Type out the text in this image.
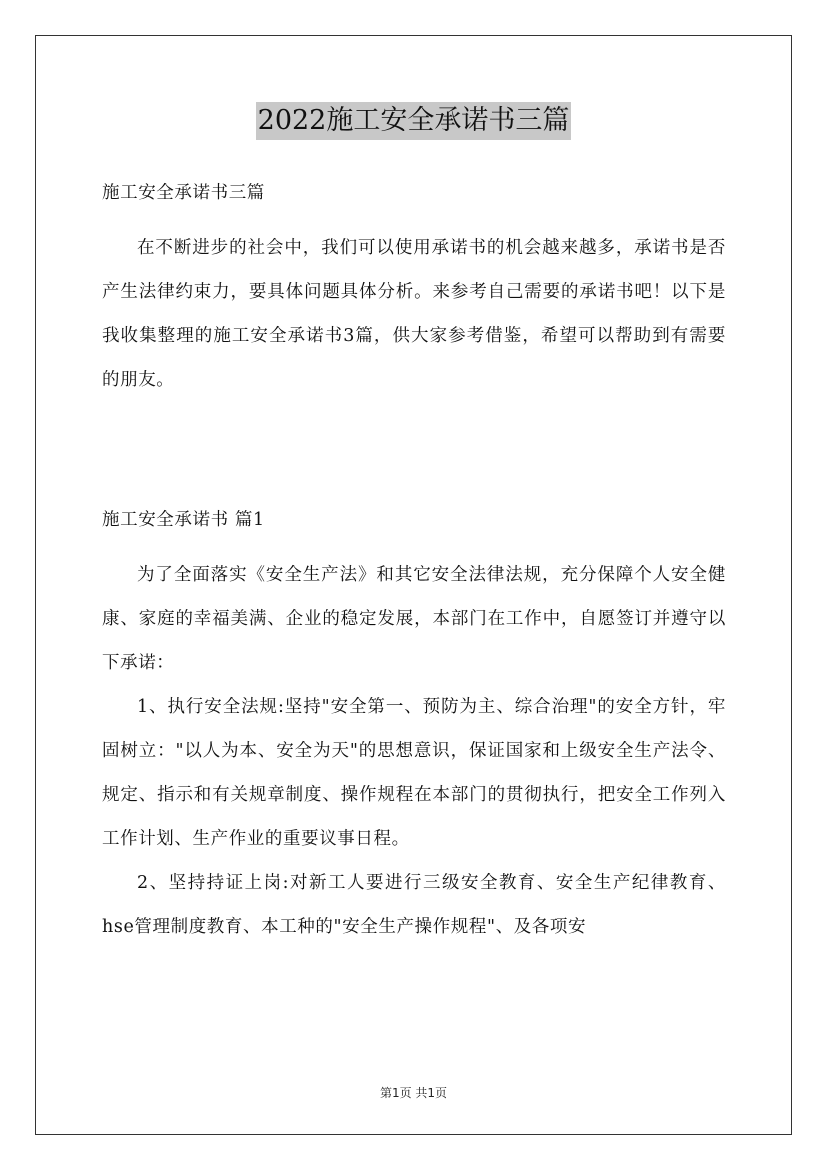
2022施工安全承诺书三篇
施工安全承诺书三篇

在不断进步的社会中，我们可以使用承诺书的机会越来越多，承诺书是否产生法律约束力，要具体问题具体分析。来参考自己需要的承诺书吧！以下是我收集整理的施工安全承诺书3篇，供大家参考借鉴，希望可以帮助到有需要的朋友。

施工安全承诺书 篇1

为了全面落实《安全生产法》和其它安全法律法规，充分保障个人安全健康、家庭的幸福美满、企业的稳定发展，本部门在工作中，自愿签订并遵守以下承诺：

1、执行安全法规:坚持"安全第一、预防为主、综合治理"的安全方针，牢固树立："以人为本、安全为天"的思想意识，保证国家和上级安全生产法令、规定、指示和有关规章制度、操作规程在本部门的贯彻执行，把安全工作列入工作计划、生产作业的重要议事日程。

2、坚持持证上岗:对新工人要进行三级安全教育、安全生产纪律教育、hse管理制度教育、本工种的"安全生产操作规程"、及各项安

第1页 共1页
